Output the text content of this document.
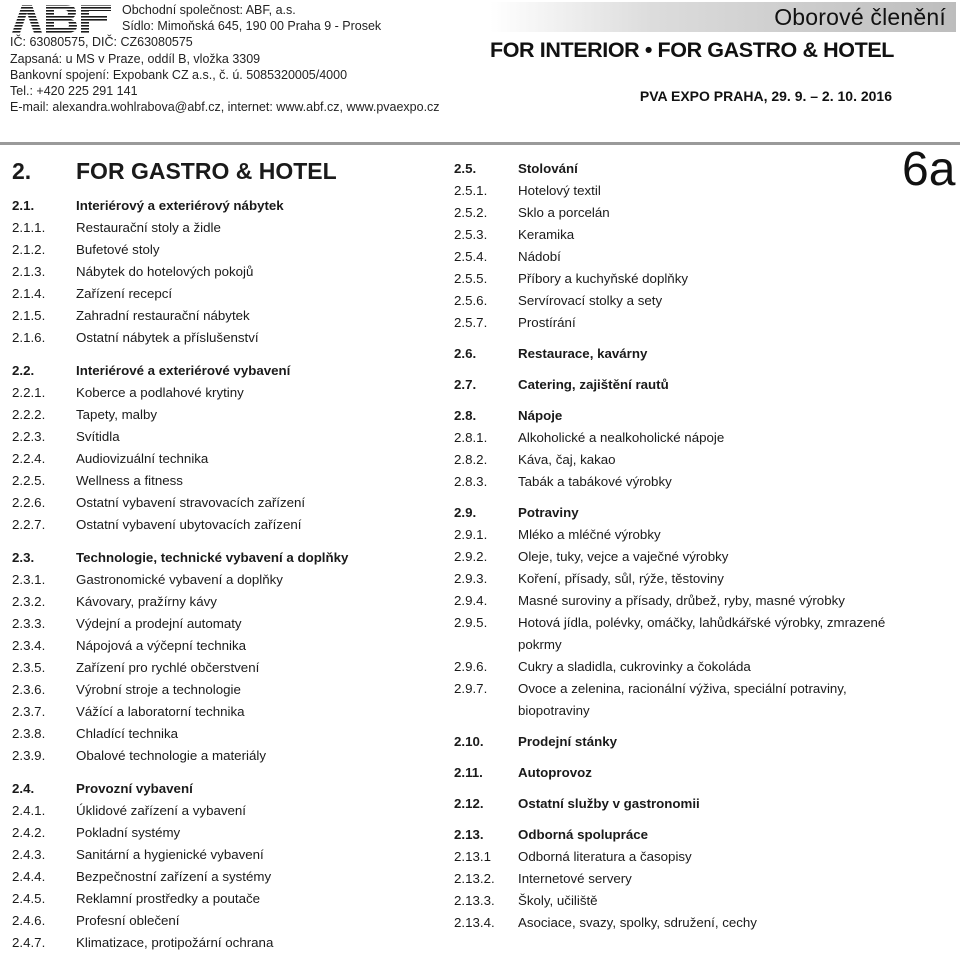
Obchodní společnost: ABF, a.s.
Sídlo: Mimoňská 645, 190 00 Praha 9 - Prosek
IČ: 63080575, DIČ: CZ63080575
Zapsaná: u MS v Praze, oddíl B, vložka 3309
Bankovní spojení: Expobank CZ a.s., č. ú. 5085320005/4000
Tel.: +420 225 291 141
E-mail: alexandra.wohlrabova@abf.cz, internet: www.abf.cz, www.pvaexpo.cz
Oborové členění
FOR INTERIOR • FOR GASTRO & HOTEL
PVA EXPO PRAHA, 29. 9. – 2. 10. 2016
6a
2.	FOR GASTRO & HOTEL
2.1.	Interiérový a exteriérový nábytek
2.1.1.	Restaurační stoly a židle
2.1.2.	Bufetové stoly
2.1.3.	Nábytek do hotelových pokojů
2.1.4.	Zařízení recepcí
2.1.5.	Zahradní restaurační nábytek
2.1.6.	Ostatní nábytek a příslušenství
2.2.	Interiérové a exteriérové vybavení
2.2.1.	Koberce a podlahové krytiny
2.2.2.	Tapety, malby
2.2.3.	Svítidla
2.2.4.	Audiovizuální technika
2.2.5.	Wellness a fitness
2.2.6.	Ostatní vybavení stravovacích zařízení
2.2.7.	Ostatní vybavení ubytovacích zařízení
2.3.	Technologie, technické vybavení a doplňky
2.3.1.	Gastronomické vybavení a doplňky
2.3.2.	Kávovary, pražírny kávy
2.3.3.	Výdejní a prodejní automaty
2.3.4.	Nápojová a výčepní technika
2.3.5.	Zařízení pro rychlé občerstvení
2.3.6.	Výrobní stroje a technologie
2.3.7.	Vážící a laboratorní technika
2.3.8.	Chladící technika
2.3.9.	Obalové technologie a materiály
2.4.	Provozní vybavení
2.4.1.	Úklidové zařízení a vybavení
2.4.2.	Pokladní systémy
2.4.3.	Sanitární a hygienické vybavení
2.4.4.	Bezpečnostní zařízení a systémy
2.4.5.	Reklamní prostředky a poutače
2.4.6.	Profesní oblečení
2.4.7.	Klimatizace, protipožární ochrana
2.5.	Stolování
2.5.1.	Hotelový textil
2.5.2.	Sklo a porcelán
2.5.3.	Keramika
2.5.4.	Nádobí
2.5.5.	Příbory a kuchyňské doplňky
2.5.6.	Servírovací stolky a sety
2.5.7.	Prostírání
2.6.	Restaurace, kavárny
2.7.	Catering, zajištění rautů
2.8.	Nápoje
2.8.1.	Alkoholické a nealkoholické nápoje
2.8.2.	Káva, čaj, kakao
2.8.3.	Tabák a tabákové výrobky
2.9.	Potraviny
2.9.1.	Mléko a mléčné výrobky
2.9.2.	Oleje, tuky, vejce a vaječné výrobky
2.9.3.	Koření, přísady, sůl, rýže, těstoviny
2.9.4.	Masné suroviny a přísady, drůbež, ryby, masné výrobky
2.9.5.	Hotová jídla, polévky, omáčky, lahůdkářské výrobky, zmrazené pokrmy
2.9.6.	Cukry a sladidla, cukrovinky a čokoláda
2.9.7.	Ovoce a zelenina, racionální výživa, speciální potraviny, biopotraviny
2.10.	Prodejní stánky
2.11.	Autoprovoz
2.12.	Ostatní služby v gastronomii
2.13.	Odborná spolupráce
2.13.1	Odborná literatura a časopisy
2.13.2.	Internetové servery
2.13.3.	Školy, učiliště
2.13.4.	Asociace, svazy, spolky, sdružení, cechy
